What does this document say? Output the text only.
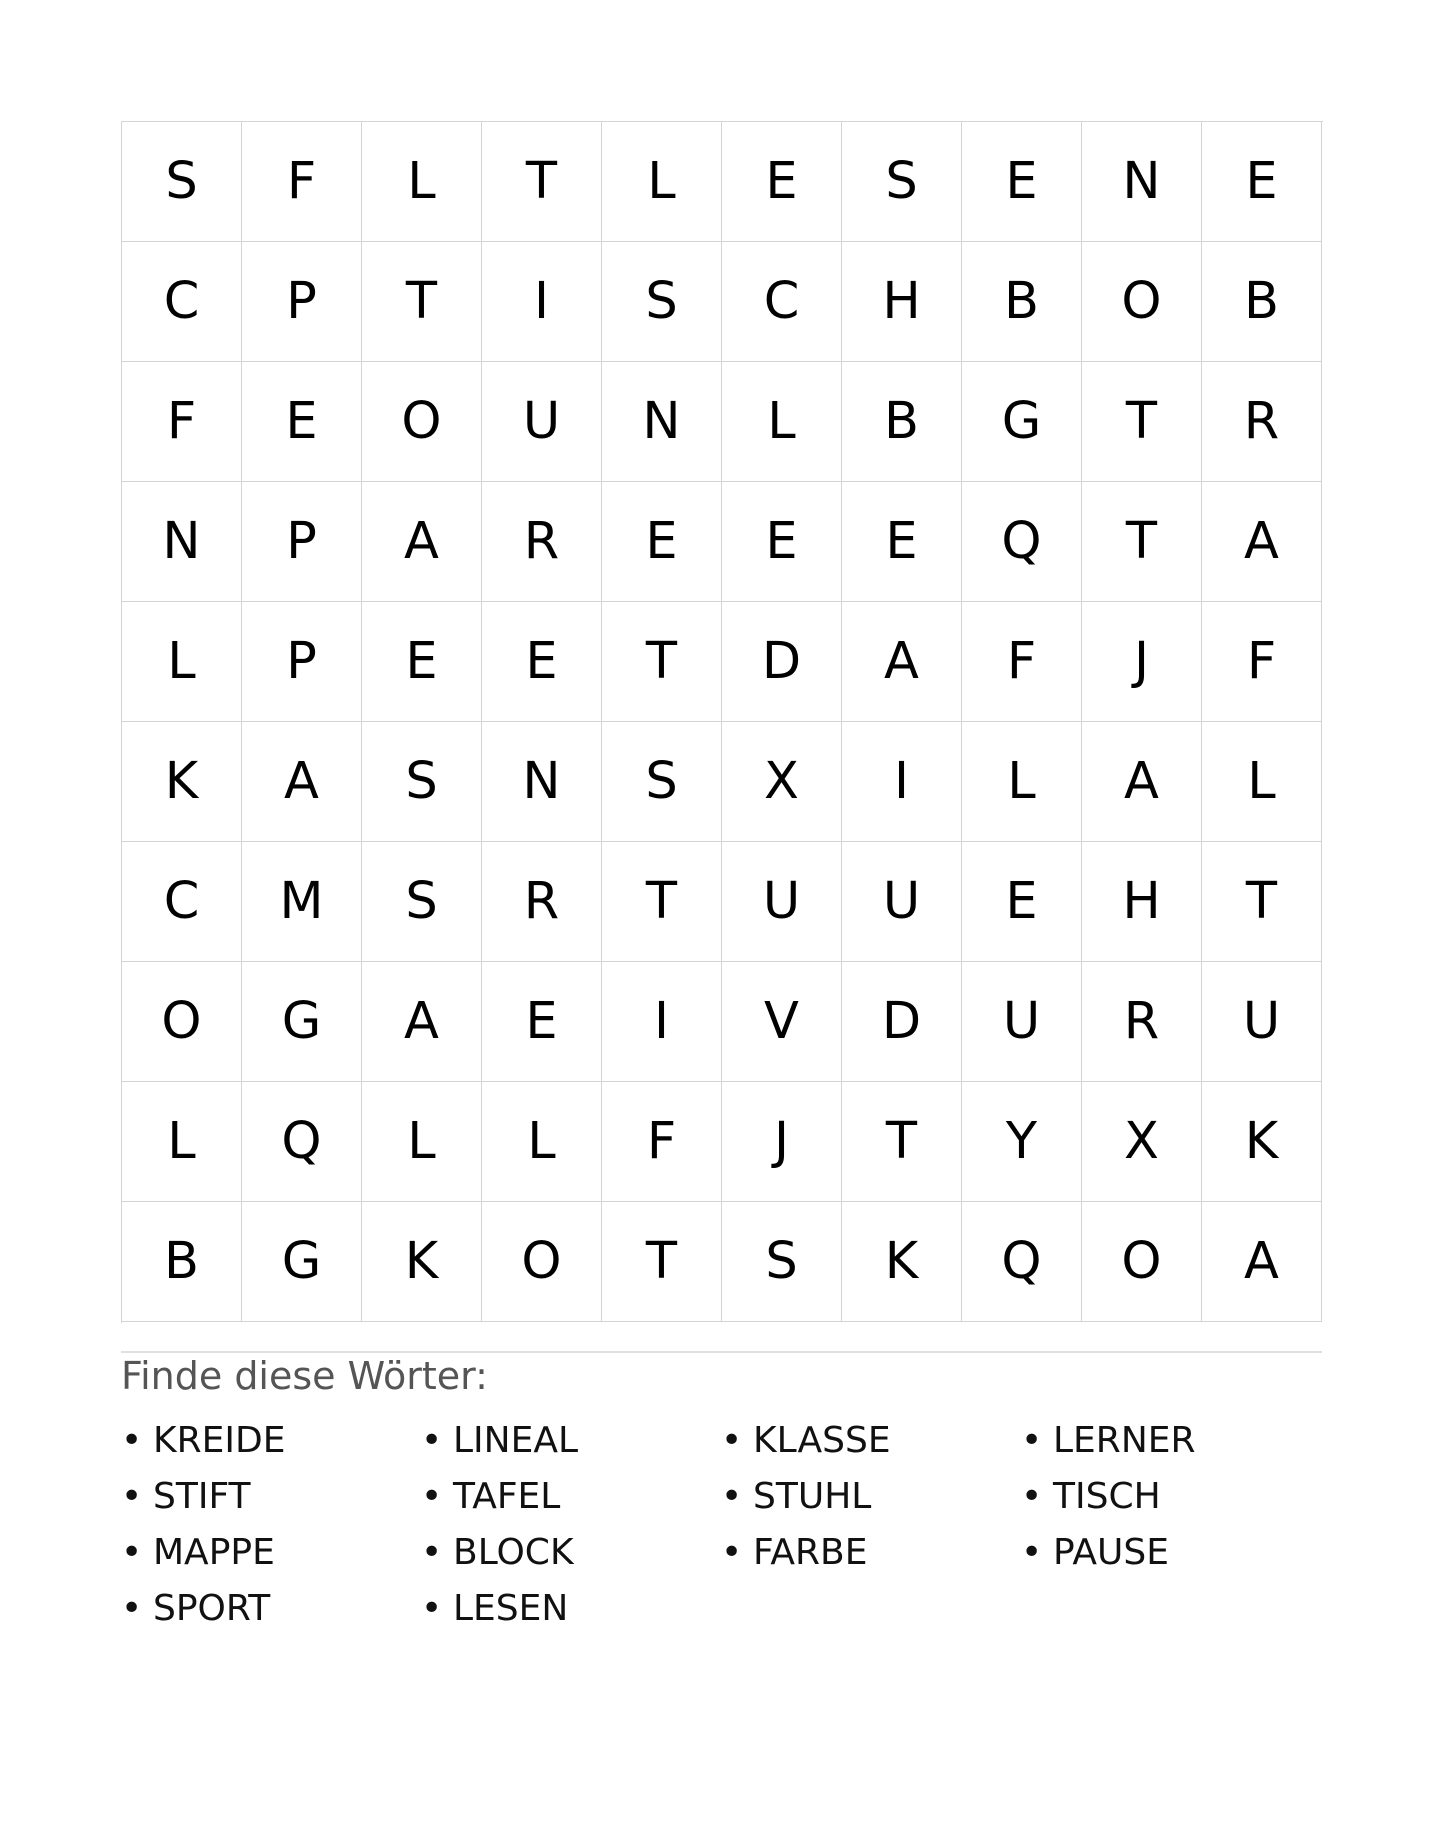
S	F	L	T	L	E	S	E	N	E
C	P	T	I	S	C	H	B	O	B
F	E	O	U	N	L	B	G	T	R
N	P	A	R	E	E	E	Q	T	A
L	P	E	E	T	D	A	F	J	F
K	A	S	N	S	X	I	L	A	L
C	M	S	R	T	U	U	E	H	T
O	G	A	E	I	V	D	U	R	U
L	Q	L	L	F	J	T	Y	X	K
B	G	K	O	T	S	K	Q	O	A
Finde diese Wörter:
• KREIDE	• LINEAL	• KLASSE	• LERNER
• STIFT	• TAFEL	• STUHL	• TISCH
• MAPPE	• BLOCK	• FARBE	• PAUSE
• SPORT	• LESEN
